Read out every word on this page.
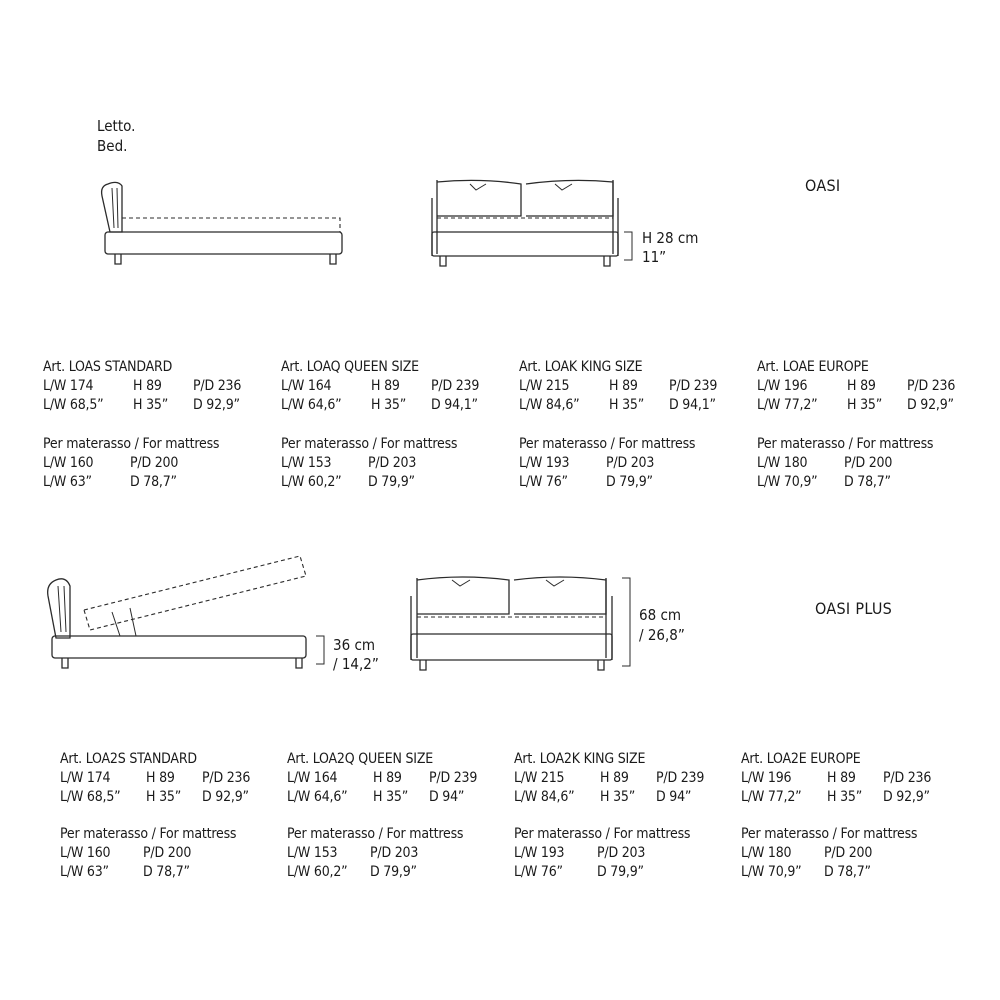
Letto.
Bed.
H 28 cm
11”
OASI
Art. LOAS STANDARD
L/W 174	H 89 P/D 236
L/W 68,5” H 35” D 92,9”
Per materasso / For mattress
L/W 160	P/D 200
L/W 63”	D 78,7”
Art. LOAQ QUEEN SIZE
L/W 164	H 89 P/D 239
L/W 64,6” H 35” D 94,1”
Per materasso / For mattress
L/W 153	P/D 203
L/W 60,2” D 79,9”
Art. LOAK KING SIZE
L/W 215	H 89 P/D 239
L/W 84,6” H 35” D 94,1”
Per materasso / For mattress
L/W 193	P/D 203
L/W 76”	D 79,9”
Art. LOAE EUROPE
L/W 196	H 89 P/D 236
L/W 77,2” H 35” D 92,9”
Per materasso / For mattress
L/W 180	P/D 200
L/W 70,9” D 78,7”
36 cm
/ 14,2”
68 cm
/ 26,8”
OASI PLUS
Art. LOA2S STANDARD
L/W 174	H 89 P/D 236
L/W 68,5” H 35” D 92,9”
Per materasso / For mattress
L/W 160 P/D 200
L/W 63” D 78,7”
Art. LOA2Q QUEEN SIZE
L/W 164	H 89 P/D 239
L/W 64,6” H 35” D 94”
Per materasso / For mattress
L/W 153 P/D 203
L/W 60,2” D 79,9”
Art. LOA2K KING SIZE
L/W 215	H 89 P/D 239
L/W 84,6” H 35” D 94”
Per materasso / For mattress
L/W 193 P/D 203
L/W 76” D 79,9”
Art. LOA2E EUROPE
L/W 196	H 89 P/D 236
L/W 77,2” H 35” D 92,9”
Per materasso / For mattress
L/W 180 P/D 200
L/W 70,9” D 78,7”
